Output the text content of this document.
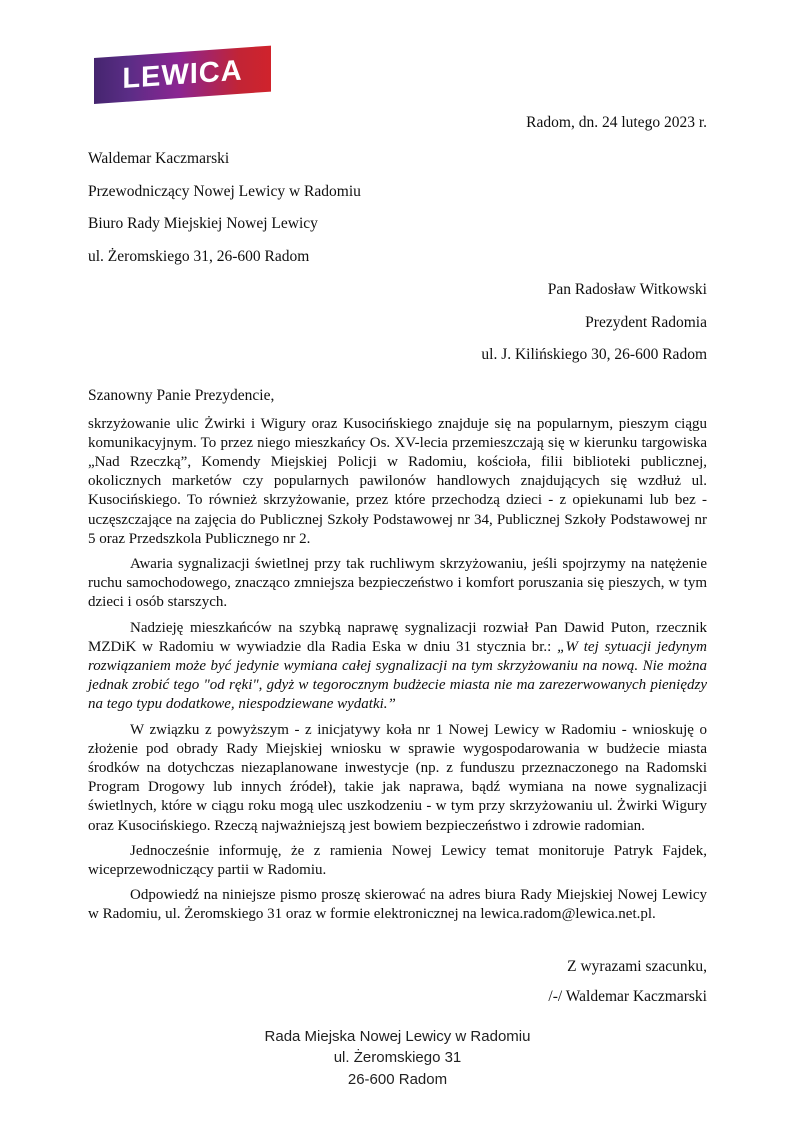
LEWICA

Radom, dn. 24 lutego 2023 r.

Waldemar Kaczmarski

Przewodniczący Nowej Lewicy w Radomiu

Biuro Rady Miejskiej Nowej Lewicy

ul. Żeromskiego 31, 26-600 Radom

Pan Radosław Witkowski

Prezydent Radomia

ul. J. Kilińskiego 30, 26-600 Radom

Szanowny Panie Prezydencie,

skrzyżowanie ulic Żwirki i Wigury oraz Kusocińskiego znajduje się na popularnym, pieszym ciągu komunikacyjnym. To przez niego mieszkańcy Os. XV-lecia przemieszczają się w kierunku targowiska „Nad Rzeczką”, Komendy Miejskiej Policji w Radomiu, kościoła, filii biblioteki publicznej, okolicznych marketów czy popularnych pawilonów handlowych znajdujących się wzdłuż ul. Kusocińskiego. To również skrzyżowanie, przez które przechodzą dzieci - z opiekunami lub bez - uczęszczające na zajęcia do Publicznej Szkoły Podstawowej nr 34, Publicznej Szkoły Podstawowej nr 5 oraz Przedszkola Publicznego nr 2.

Awaria sygnalizacji świetlnej przy tak ruchliwym skrzyżowaniu, jeśli spojrzymy na natężenie ruchu samochodowego, znacząco zmniejsza bezpieczeństwo i komfort poruszania się pieszych, w tym dzieci i osób starszych.

Nadzieję mieszkańców na szybką naprawę sygnalizacji rozwiał Pan Dawid Puton, rzecznik MZDiK w Radomiu w wywiadzie dla Radia Eska w dniu 31 stycznia br.: „W tej sytuacji jedynym rozwiązaniem może być jedynie wymiana całej sygnalizacji na tym skrzyżowaniu na nową. Nie można jednak zrobić tego "od ręki", gdyż w tegorocznym budżecie miasta nie ma zarezerwowanych pieniędzy na tego typu dodatkowe, niespodziewane wydatki.”

W związku z powyższym - z inicjatywy koła nr 1 Nowej Lewicy w Radomiu - wnioskuję o złożenie pod obrady Rady Miejskiej wniosku w sprawie wygospodarowania w budżecie miasta środków na dotychczas niezaplanowane inwestycje (np. z funduszu przeznaczonego na Radomski Program Drogowy lub innych źródeł), takie jak naprawa, bądź wymiana na nowe sygnalizacji świetlnych, które w ciągu roku mogą ulec uszkodzeniu - w tym przy skrzyżowaniu ul. Żwirki Wigury oraz Kusocińskiego. Rzeczą najważniejszą jest bowiem bezpieczeństwo i zdrowie radomian.

Jednocześnie informuję, że z ramienia Nowej Lewicy temat monitoruje Patryk Fajdek, wiceprzewodniczący partii w Radomiu.

Odpowiedź na niniejsze pismo proszę skierować na adres biura Rady Miejskiej Nowej Lewicy w Radomiu, ul. Żeromskiego 31 oraz w formie elektronicznej na lewica.radom@lewica.net.pl.

Z wyrazami szacunku,

/-/ Waldemar Kaczmarski

Rada Miejska Nowej Lewicy w Radomiu

ul. Żeromskiego 31

26-600 Radom
